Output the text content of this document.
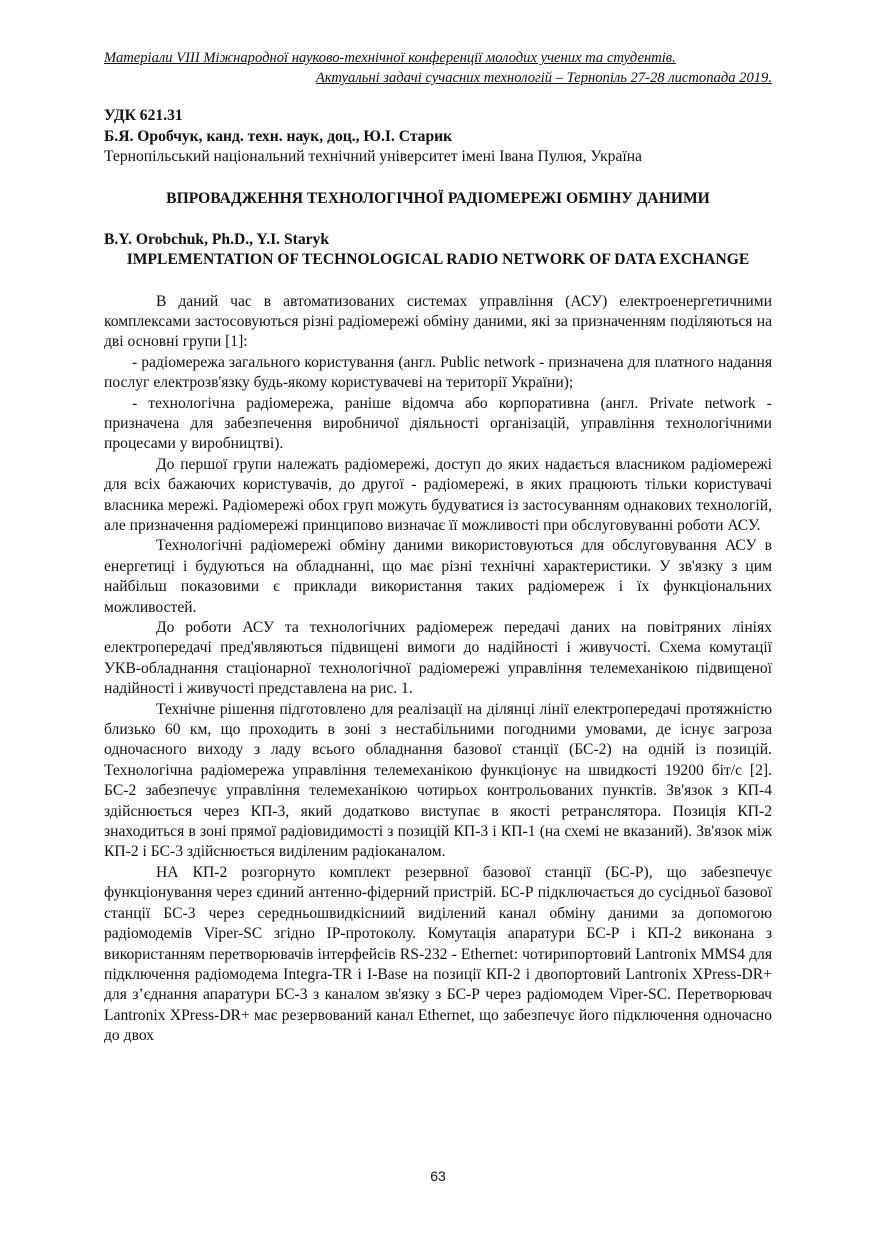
Матеріали VIII Міжнародної науково-технічної конференції молодих учених та студентів.
Актуальні задачі сучасних технологій – Тернопіль 27-28 листопада 2019.
УДК 621.31
Б.Я. Оробчук, канд. техн. наук, доц., Ю.І. Старик
Тернопільський національний технічний університет імені Івана Пулюя, Україна
ВПРОВАДЖЕННЯ ТЕХНОЛОГІЧНОЇ РАДІОМЕРЕЖІ ОБМІНУ ДАНИМИ
B.Y. Orobchuk, Ph.D., Y.I. Staryk
IMPLEMENTATION OF TECHNOLOGICAL RADIO NETWORK OF DATA EXCHANGE

В даний час в автоматизованих системах управління (АСУ) електроенергетичними комплексами застосовуються різні радіомережі обміну даними, які за призначенням поділяються на дві основні групи [1]:

- радіомережа загального користування (англ. Public network - призначена для платного надання послуг електрозв'язку будь-якому користувачеві на території України);

- технологічна радіомережа, раніше відомча або корпоративна (англ. Private network - призначена для забезпечення виробничої діяльності організацій, управління технологічними процесами у виробництві).

До першої групи належать радіомережі, доступ до яких надається власником радіомережі для всіх бажаючих користувачів, до другої - радіомережі, в яких працюють тільки користувачі власника мережі. Радіомережі обох груп можуть будуватися із застосуванням однакових технологій, але призначення радіомережі принципово визначає її можливості при обслуговуванні роботи АСУ.

Технологічні радіомережі обміну даними використовуються для обслуговування АСУ в енергетиці і будуються на обладнанні, що має різні технічні характеристики. У зв'язку з цим найбільш показовими є приклади використання таких радіомереж і їх функціональних можливостей.

До роботи АСУ та технологічних радіомереж передачі даних на повітряних лініях електропередачі пред'являються підвищені вимоги до надійності і живучості. Схема комутації УКВ-обладнання стаціонарної технологічної радіомережі управління телемеханікою підвищеної надійності і живучості представлена на рис. 1.

Технічне рішення підготовлено для реалізації на ділянці лінії електропередачі протяжністю близько 60 км, що проходить в зоні з нестабільними погодними умовами, де існує загроза одночасного виходу з ладу всього обладнання базової станції (БС-2) на одній із позицій. Технологічна радіомережа управління телемеханікою функціонує на швидкості 19200 біт/с [2]. БС-2 забезпечує управління телемеханікою чотирьох контрольованих пунктів. Зв'язок з КП-4 здійснюється через КП-3, який додатково виступає в якості ретранслятора. Позиція КП-2 знаходиться в зоні прямої радіовидимості з позицій КП-3 і КП-1 (на схемі не вказаний). Зв'язок між КП-2 і БС-3 здійснюється виділеним радіоканалом.

НА КП-2 розгорнуто комплект резервної базової станції (БС-Р), що забезпечує функціонування через єдиний антенно-фідерний пристрій. БС-Р підключається до сусідньої базової станції БС-3 через середньошвидкісниий виділений канал обміну даними за допомогою радіомодемів Viper-SC згідно IP-протоколу. Комутація апаратури БС-Р і КП-2 виконана з використанням перетворювачів інтерфейсів RS-232 - Ethernet: чотирипортовий Lantronix MMS4 для підключення радіомодема Integra-TR і I-Base на позиції КП-2 і двопортовий Lantronix XPress-DR+ для з’єднання апаратури БС-3 з каналом зв'язку з БС-Р через радіомодем Viper-SC. Перетворювач Lantronix XPress-DR+ має резервований канал Ethernet, що забезпечує його підключення одночасно до двох

63
